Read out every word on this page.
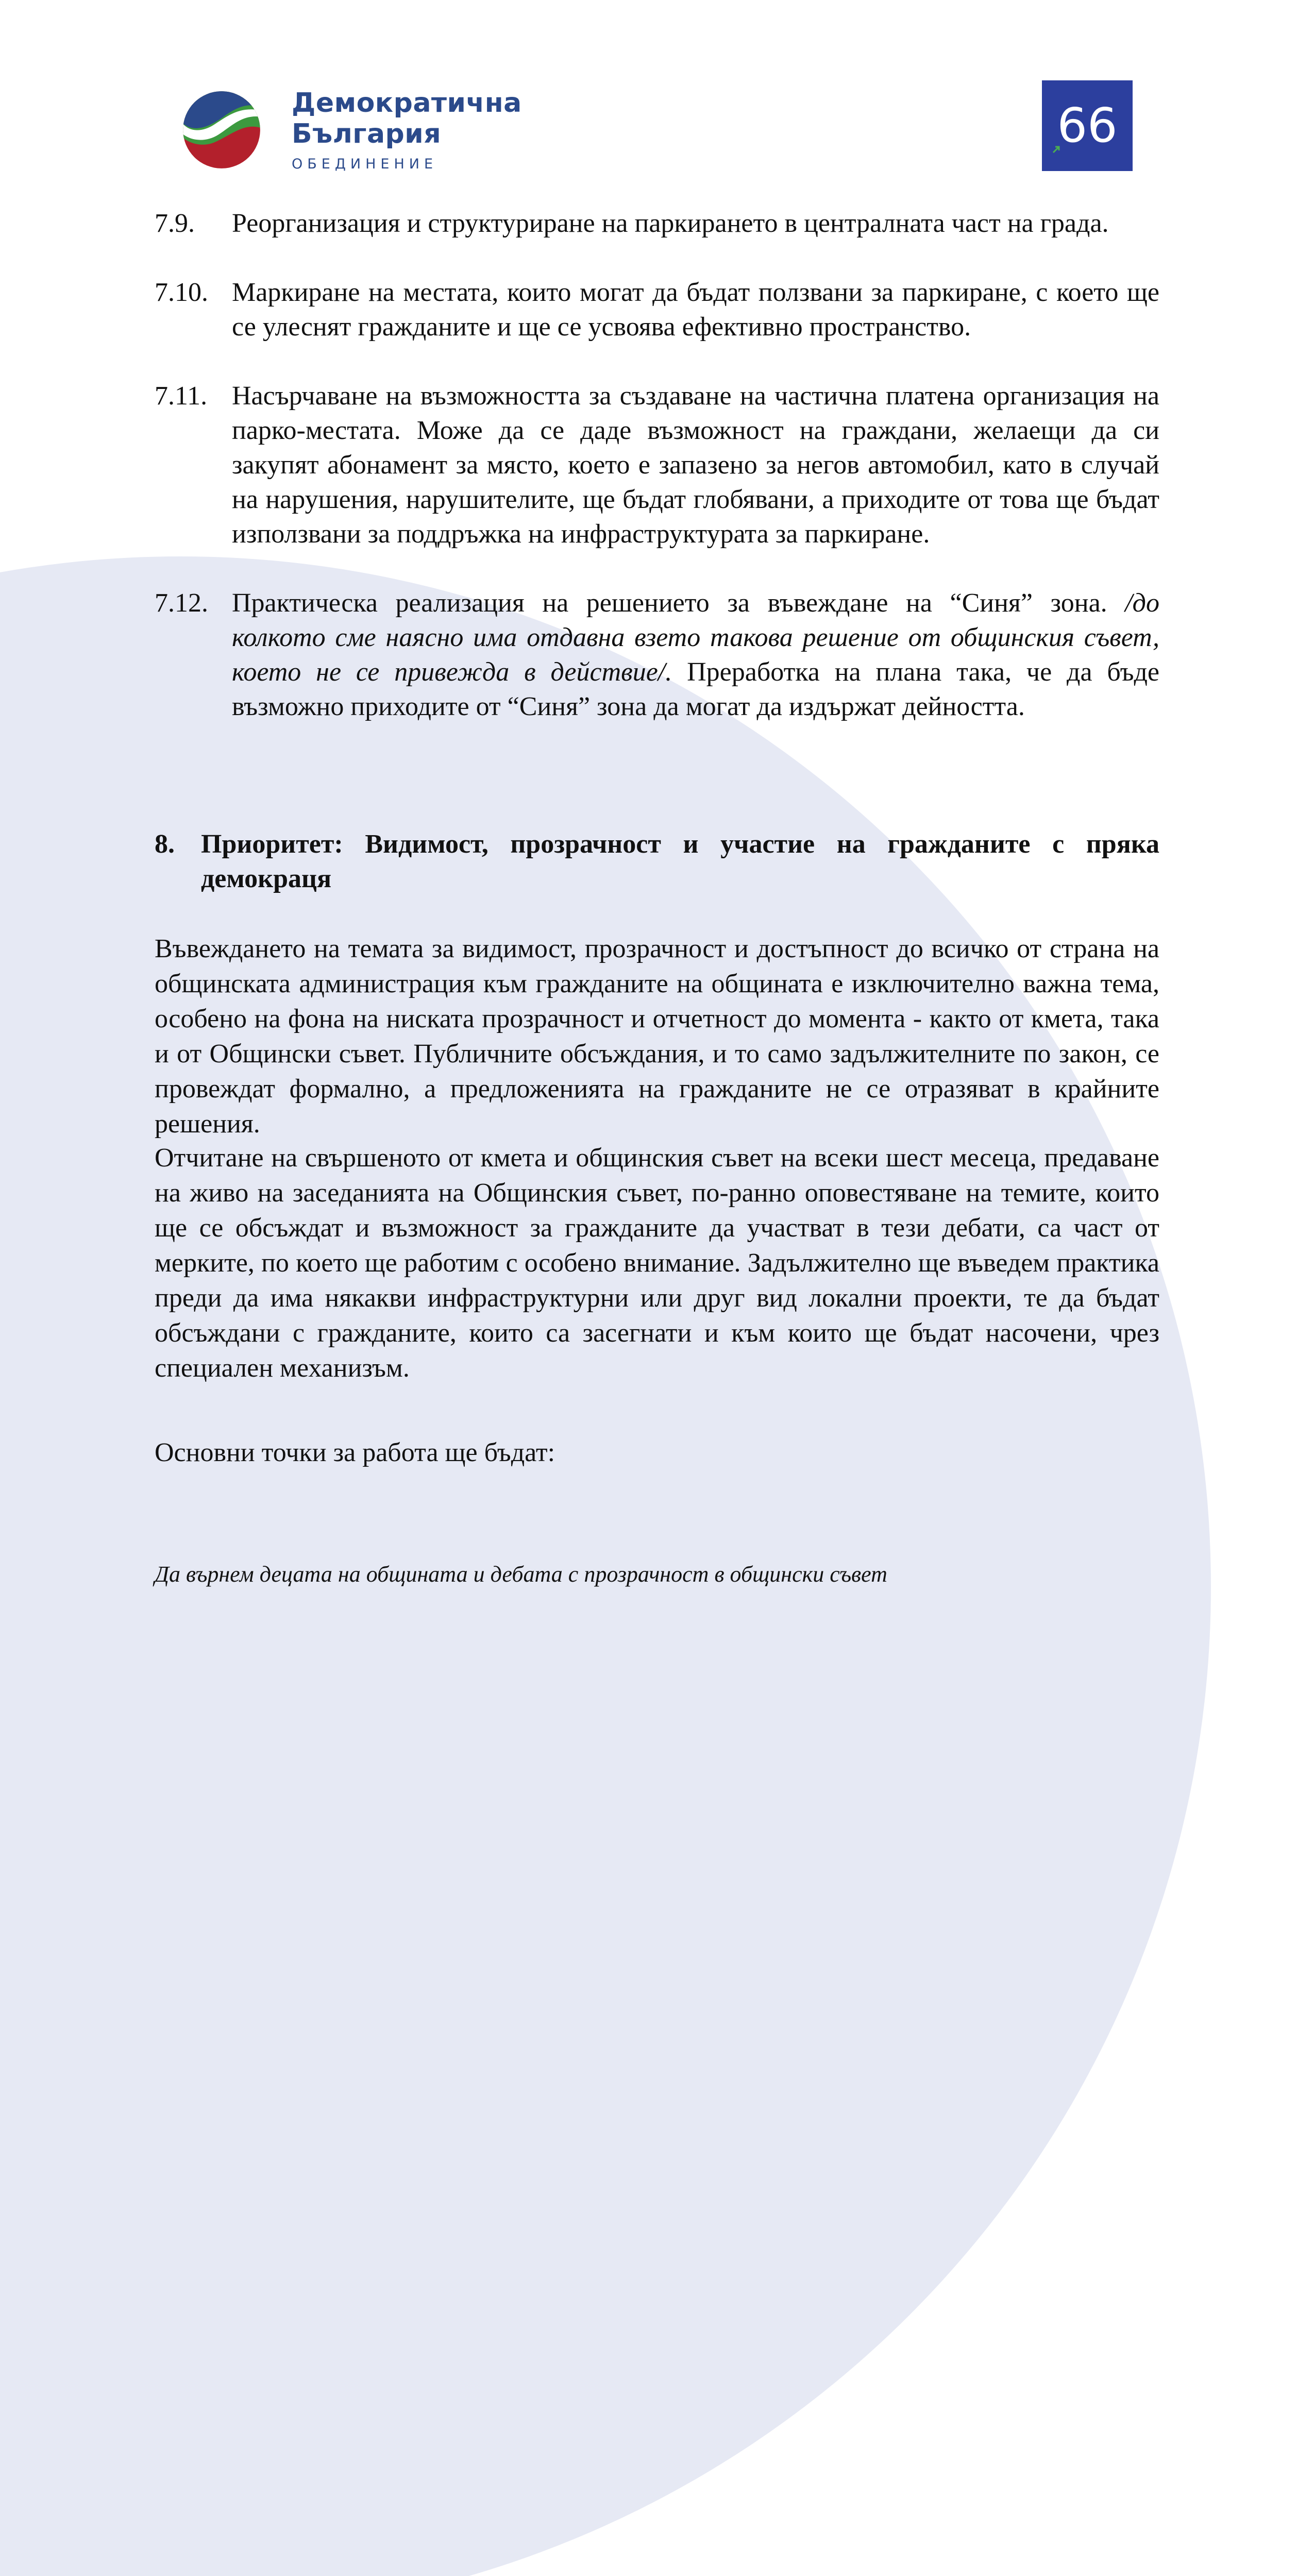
Демократична
България
ОБЕДИНЕНИЕ
66
7.9. Реорганизация и структуриране на паркирането в централната част на града.
7.10. Маркиране на местата, които могат да бъдат ползвани за паркиране, с което ще се улеснят гражданите и ще се усвоява ефективно пространство.
7.11. Насърчаване на възможността за създаване на частична платена организация на парко-местата. Може да се даде възможност на граждани, желаещи да си закупят абонамент за място, което е запазено за негов автомобил, като в случай на нарушения, нарушителите, ще бъдат глобявани, а приходите от това ще бъдат използвани за поддръжка на инфраструктурата за паркиране.
7.12. Практическа реализация на решението за въвеждане на “Синя” зона. /до колкото сме наясно има отдавна взето такова решение от общинския съвет, което не се привежда в действие/. Преработка на плана така, че да бъде възможно приходите от “Синя” зона да могат да издържат дейността.
8. Приоритет: Видимост, прозрачност и участие на гражданите с пряка демокраця
Въвеждането на темата за видимост, прозрачност и достъпност до всичко от страна на общинската администрация към гражданите на общината е изключително важна тема, особено на фона на ниската прозрачност и отчетност до момента - както от кмета, така и от Общински съвет. Публичните обсъждания, и то само задължителните по закон, се провеждат формално, а предложенията на гражданите не се отразяват в крайните решения.
Отчитане на свършеното от кмета и общинския съвет на всеки шест месеца, предаване на живо на заседанията на Общинския съвет, по-ранно оповестяване на темите, които ще се обсъждат и възможност за гражданите да участват в тези дебати, са част от мерките, по което ще работим с особено внимание. Задължително ще въведем практика преди да има някакви инфраструктурни или друг вид локални проекти, те да бъдат обсъждани с гражданите, които са засегнати и към които ще бъдат насочени, чрез специален механизъм.
Основни точки за работа ще бъдат:
Да върнем децата на общината и дебата с прозрачност в общински съвет
